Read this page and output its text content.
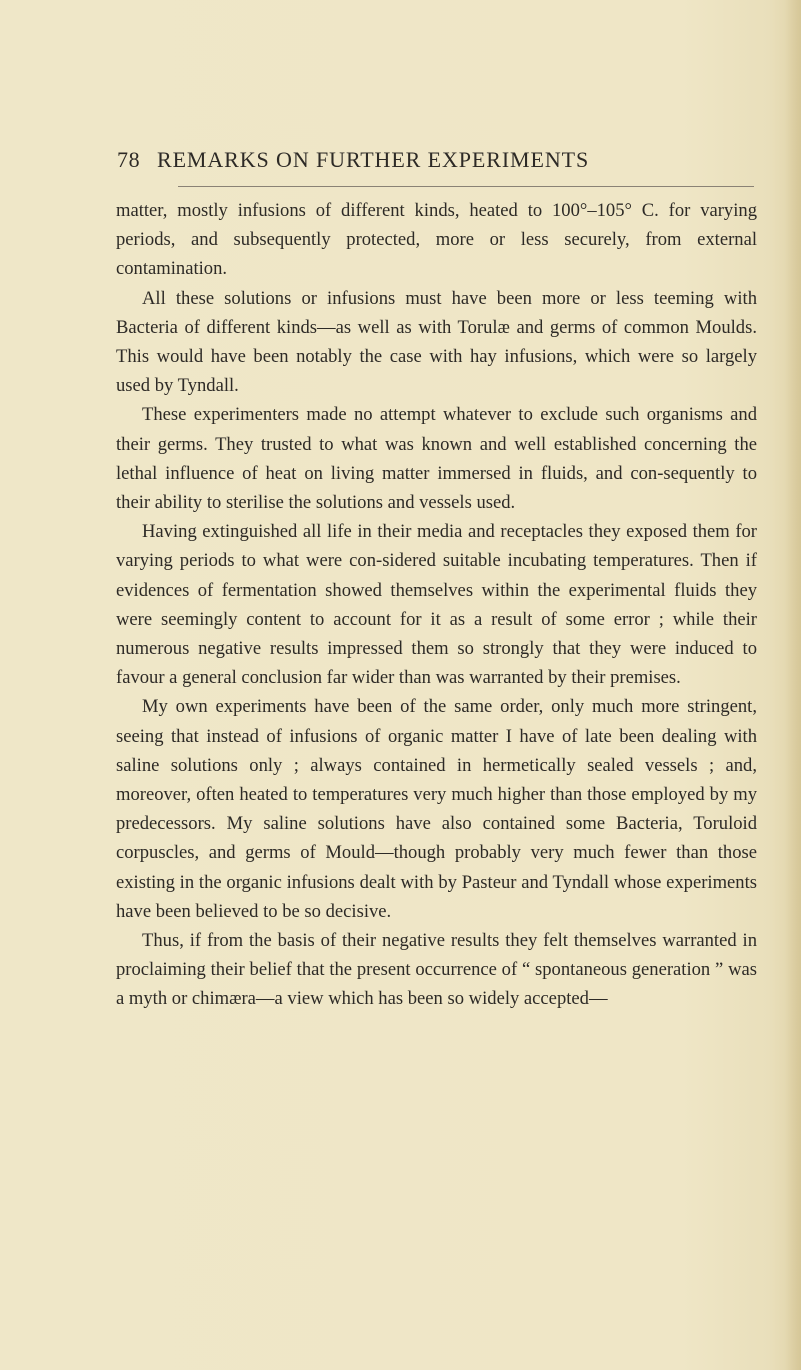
78 REMARKS ON FURTHER EXPERIMENTS

matter, mostly infusions of different kinds, heated to 100°–105° C. for varying periods, and subsequently protected, more or less securely, from external contamination.

All these solutions or infusions must have been more or less teeming with Bacteria of different kinds—as well as with Torulæ and germs of common Moulds. This would have been notably the case with hay infusions, which were so largely used by Tyndall.

These experimenters made no attempt whatever to exclude such organisms and their germs. They trusted to what was known and well established concerning the lethal influence of heat on living matter immersed in fluids, and con-sequently to their ability to sterilise the solutions and vessels used.

Having extinguished all life in their media and receptacles they exposed them for varying periods to what were con-sidered suitable incubating temperatures. Then if evidences of fermentation showed themselves within the experimental fluids they were seemingly content to account for it as a result of some error ; while their numerous negative results impressed them so strongly that they were induced to favour a general conclusion far wider than was warranted by their premises.

My own experiments have been of the same order, only much more stringent, seeing that instead of infusions of organic matter I have of late been dealing with saline solutions only ; always contained in hermetically sealed vessels ; and, moreover, often heated to temperatures very much higher than those employed by my predecessors. My saline solutions have also contained some Bacteria, Toruloid corpuscles, and germs of Mould—though probably very much fewer than those existing in the organic infusions dealt with by Pasteur and Tyndall whose experiments have been believed to be so decisive.

Thus, if from the basis of their negative results they felt themselves warranted in proclaiming their belief that the present occurrence of “ spontaneous generation ” was a myth or chimæra—a view which has been so widely accepted—
